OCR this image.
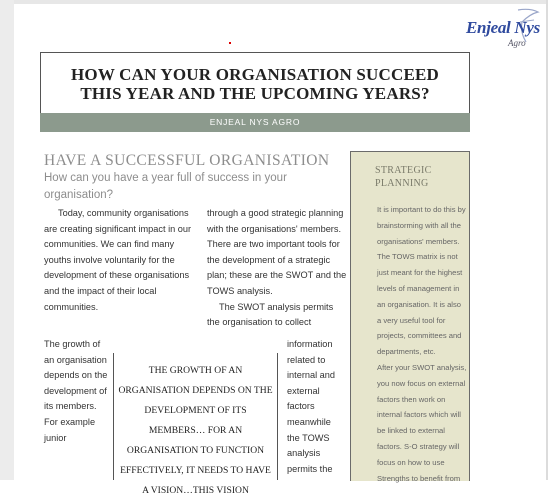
Enjeal Nys
Agro
HOW CAN YOUR ORGANISATION SUCCEED
THIS YEAR AND THE UPCOMING YEARS?
ENJEAL NYS AGRO
HAVE A SUCCESSFUL ORGANISATION
How can you have a year full of success in your organisation?

Today, community organisations are creating significant impact in our communities. We can find many youths involve voluntarily for the development of these organisations and the impact of their local communities.

The growth of an organisation depends on the development of its members. For example junior

through a good strategic planning with the organisations' members. There are two important tools for the development of a strategic plan; these are the SWOT and the TOWS analysis.

The SWOT analysis permits the organisation to collect

information related to internal and external factors meanwhile the TOWS analysis permits the
THE GROWTH OF AN ORGANISATION DEPENDS ON THE DEVELOPMENT OF ITS MEMBERS… FOR AN ORGANISATION TO FUNCTION EFFECTIVELY, IT NEEDS TO HAVE A VISION…THIS VISION
STRATEGIC PLANNING

It is important to do this by brainstorming with all the organisations' members. The TOWS matrix is not just meant for the highest levels of management in an organisation. It is also a very useful tool for projects, committees and departments, etc.

After your SWOT analysis, you now focus on external factors then work on internal factors which will be linked to external factors. S-O strategy will focus on how to use Strengths to benefit from
